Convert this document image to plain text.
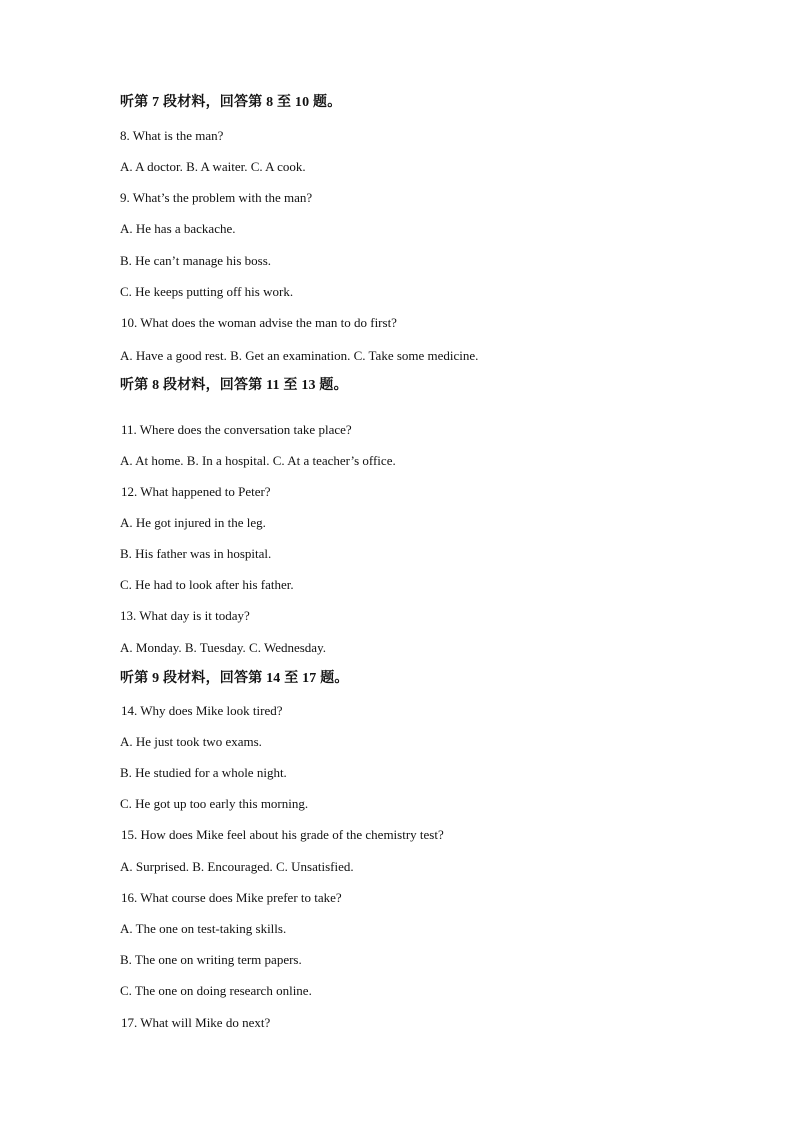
听第 7 段材料，回答第 8 至 10 题。
8. What is the man?
A. A doctor. B. A waiter. C. A cook.
9. What’s the problem with the man?
A. He has a backache.
B. He can’t manage his boss.
C. He keeps putting off his work.
10. What does the woman advise the man to do first?
A. Have a good rest. B. Get an examination. C. Take some medicine.
听第 8 段材料，回答第 11 至 13 题。
11. Where does the conversation take place?
A. At home. B. In a hospital. C. At a teacher’s office.
12. What happened to Peter?
A. He got injured in the leg.
B. His father was in hospital.
C. He had to look after his father.
13. What day is it today?
A. Monday. B. Tuesday. C. Wednesday.
听第 9 段材料，回答第 14 至 17 题。
14. Why does Mike look tired?
A. He just took two exams.
B. He studied for a whole night.
C. He got up too early this morning.
15. How does Mike feel about his grade of the chemistry test?
A. Surprised. B. Encouraged. C. Unsatisfied.
16. What course does Mike prefer to take?
A. The one on test-taking skills.
B. The one on writing term papers.
C. The one on doing research online.
17. What will Mike do next?
